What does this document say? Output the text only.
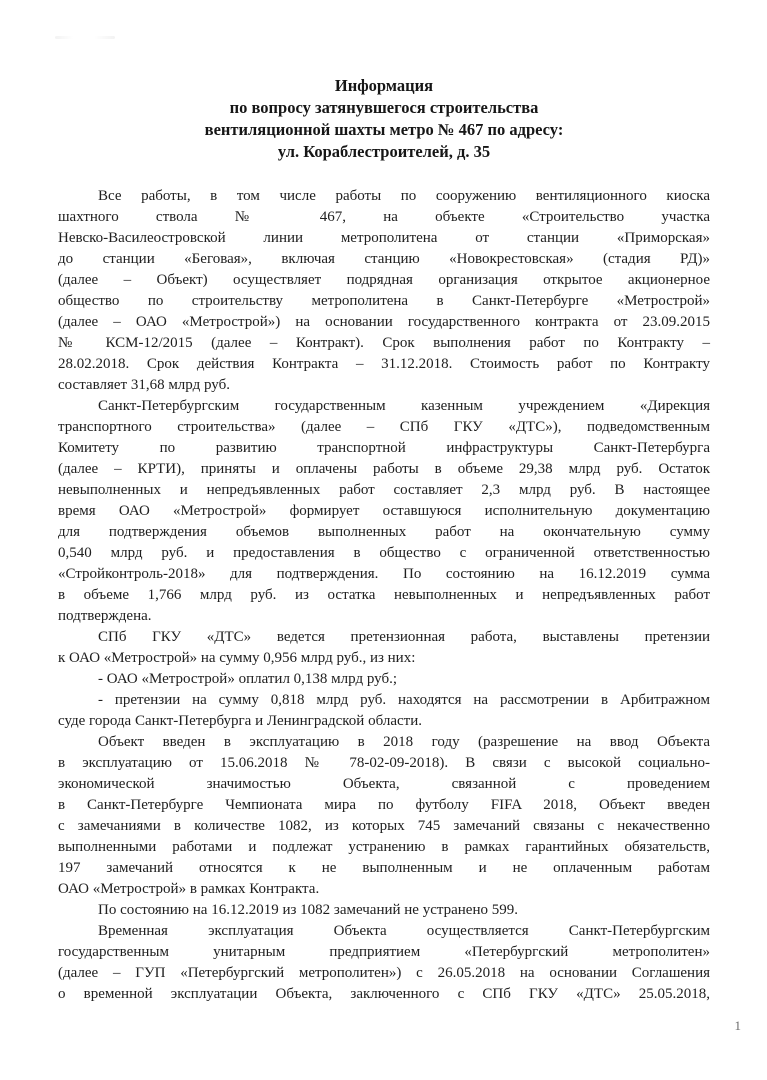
Информация
по вопросу затянувшегося строительства
вентиляционной шахты метро № 467 по адресу:
ул. Кораблестроителей, д. 35
Все работы, в том числе работы по сооружению вентиляционного киоска
шахтного ствола № 467, на объекте «Строительство участка
Невско-Василеостровской линии метрополитена от станции «Приморская»
до станции «Беговая», включая станцию «Новокрестовская» (стадия РД)»
(далее – Объект) осуществляет подрядная организация открытое акционерное
общество по строительству метрополитена в Санкт-Петербурге «Метрострой»
(далее – ОАО «Метрострой») на основании государственного контракта от 23.09.2015
№ КСМ-12/2015 (далее – Контракт). Срок выполнения работ по Контракту –
28.02.2018. Срок действия Контракта – 31.12.2018. Стоимость работ по Контракту
составляет 31,68 млрд руб.
Санкт-Петербургским государственным казенным учреждением «Дирекция
транспортного строительства» (далее – СПб ГКУ «ДТС»), подведомственным
Комитету по развитию транспортной инфраструктуры Санкт-Петербурга
(далее – КРТИ), приняты и оплачены работы в объеме 29,38 млрд руб. Остаток
невыполненных и непредъявленных работ составляет 2,3 млрд руб. В настоящее
время ОАО «Метрострой» формирует оставшуюся исполнительную документацию
для подтверждения объемов выполненных работ на окончательную сумму
0,540 млрд руб. и предоставления в общество с ограниченной ответственностью
«Стройконтроль-2018» для подтверждения. По состоянию на 16.12.2019 сумма
в объеме 1,766 млрд руб. из остатка невыполненных и непредъявленных работ
подтверждена.
СПб ГКУ «ДТС» ведется претензионная работа, выставлены претензии
к ОАО «Метрострой» на сумму 0,956 млрд руб., из них:
- ОАО «Метрострой» оплатил 0,138 млрд руб.;
- претензии на сумму 0,818 млрд руб. находятся на рассмотрении в Арбитражном
суде города Санкт-Петербурга и Ленинградской области.
Объект введен в эксплуатацию в 2018 году (разрешение на ввод Объекта
в эксплуатацию от 15.06.2018 № 78-02-09-2018). В связи с высокой социально-
экономической значимостью Объекта, связанной с проведением
в Санкт-Петербурге Чемпионата мира по футболу FIFA 2018, Объект введен
с замечаниями в количестве 1082, из которых 745 замечаний связаны с некачественно
выполненными работами и подлежат устранению в рамках гарантийных обязательств,
197 замечаний относятся к не выполненным и не оплаченным работам
ОАО «Метрострой» в рамках Контракта.
По состоянию на 16.12.2019 из 1082 замечаний не устранено 599.
Временная эксплуатация Объекта осуществляется Санкт-Петербургским
государственным унитарным предприятием «Петербургский метрополитен»
(далее – ГУП «Петербургский метрополитен») с 26.05.2018 на основании Соглашения
о временной эксплуатации Объекта, заключенного с СПб ГКУ «ДТС» 25.05.2018,
1
